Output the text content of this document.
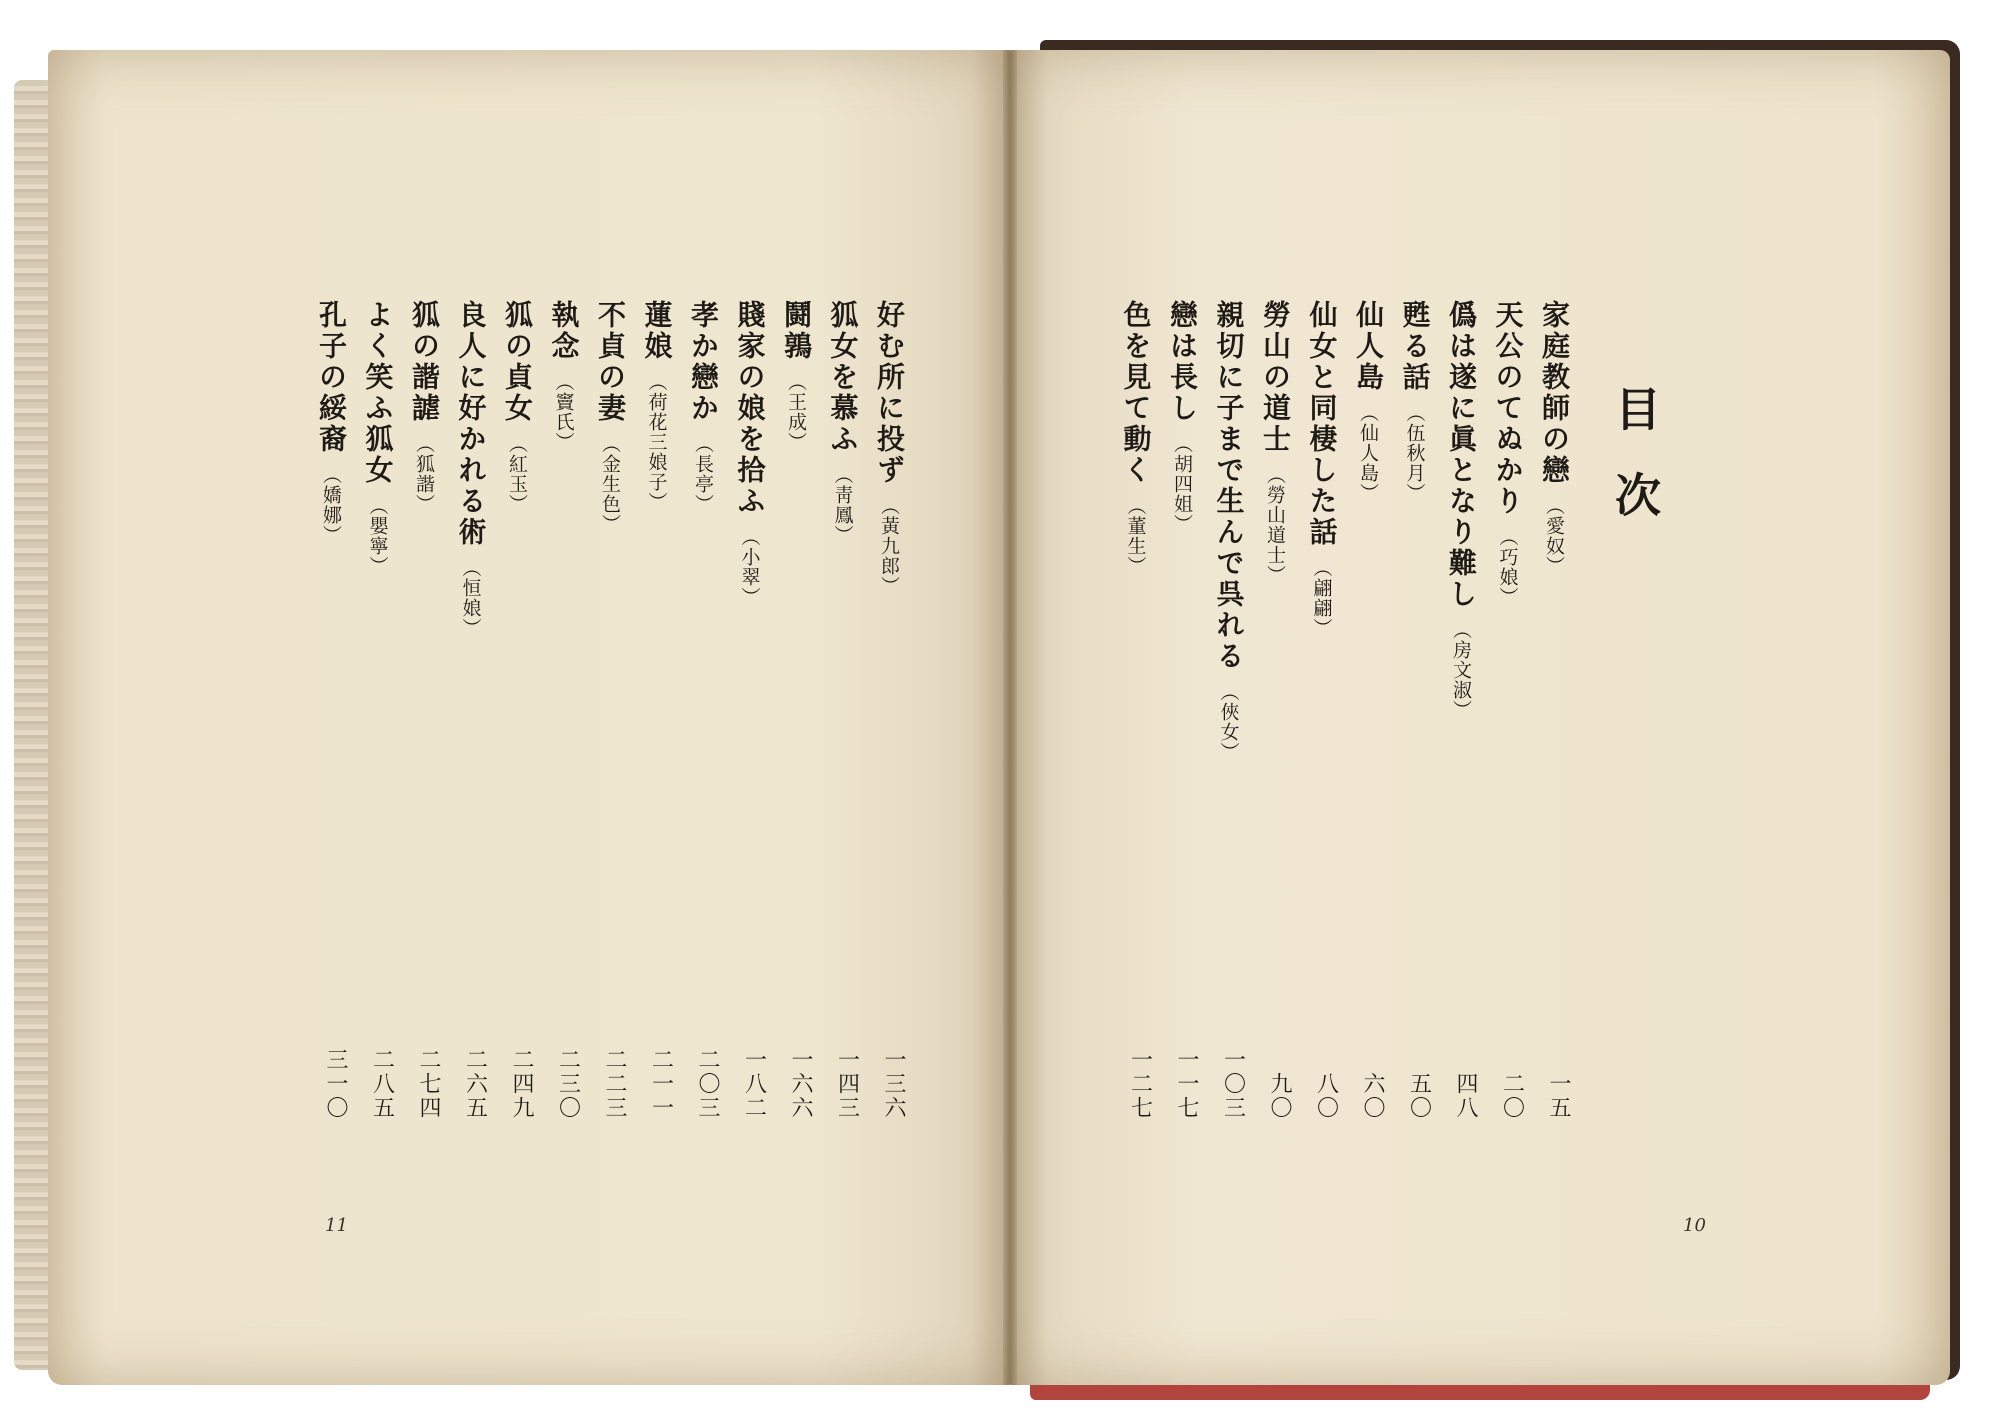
目次
10
11
家庭教師の戀（愛奴）
一五
天公のてぬかり（巧娘）
二〇
僞は遂に眞となり難し（房文淑）
四八
甦る話（伍秋月）
五〇
仙人島（仙人島）
六〇
仙女と同棲した話（翩翩）
八〇
勞山の道士（勞山道士）
九〇
親切に子まで生んで呉れる（俠女）
一〇三
戀は長し（胡四姐）
一一七
色を見て動く（董生）
一二七
好む所に投ず（黃九郎）
一三六
狐女を慕ふ（靑鳳）
一四三
鬪鶉（王成）
一六六
賤家の娘を拾ふ（小翠）
一八二
孝か戀か（長亭）
二〇三
蓮娘（荷花三娘子）
二一一
不貞の妻（金生色）
二二三
執念（竇氏）
二三〇
狐の貞女（紅玉）
二四九
良人に好かれる術（恒娘）
二六五
狐の諧謔（狐諧）
二七四
よく笑ふ狐女（嬰寧）
二八五
孔子の綏裔（嬌娜）
三一〇
